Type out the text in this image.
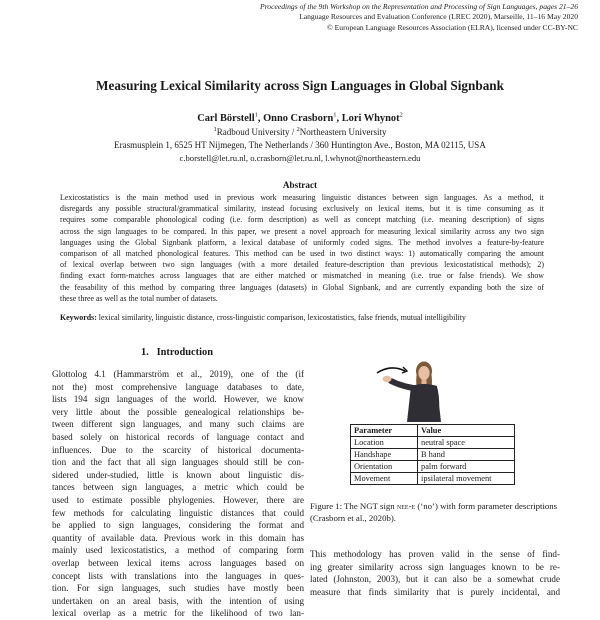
Proceedings of the 9th Workshop on the Representation and Processing of Sign Languages, pages 21–26
Language Resources and Evaluation Conference (LREC 2020), Marseille, 11–16 May 2020
© European Language Resources Association (ELRA), licensed under CC-BY-NC
Measuring Lexical Similarity across Sign Languages in Global Signbank
Carl Börstell$^1$, Onno Crasborn$^1$, Lori Whynot$^2$
$^1$Radboud University / $^2$Northeastern University
Erasmusplein 1, 6525 HT Nijmegen, The Netherlands / 360 Huntington Ave., Boston, MA 02115, USA
c.borstell@let.ru.nl, o.crasborn@let.ru.nl, l.whynot@northeastern.edu
Abstract
Lexicostatistics is the main method used in previous work measuring linguistic distances between sign languages. As a method, it
disregards any possible structural/grammatical similarity, instead focusing exclusively on lexical items, but it is time consuming as it
requires some comparable phonological coding (i.e. form description) as well as concept matching (i.e. meaning description) of signs
across the sign languages to be compared. In this paper, we present a novel approach for measuring lexical similarity across any two sign
languages using the Global Signbank platform, a lexical database of uniformly coded signs. The method involves a feature-by-feature
comparison of all matched phonological features. This method can be used in two distinct ways: 1) automatically comparing the amount
of lexical overlap between two sign languages (with a more detailed feature-description than previous lexicostatistical methods); 2)
finding exact form-matches across languages that are either matched or mismatched in meaning (i.e. true or false friends). We show
the feasability of this method by comparing three languages (datasets) in Global Signbank, and are currently expanding both the size of
these three as well as the total number of datasets.
Keywords: lexical similarity, linguistic distance, cross-linguistic comparison, lexicostatistics, false friends, mutual intelligibility
1. Introduction
Glottolog 4.1 (Hammarström et al., 2019), one of the (if
not the) most comprehensive language databases to date,
lists 194 sign languages of the world. However, we know
very little about the possible genealogical relationships be-
tween different sign languages, and many such claims are
based solely on historical records of language contact and
influences. Due to the scarcity of historical documenta-
tion and the fact that all sign languages should still be con-
sidered under-studied, little is known about linguistic dis-
tances between sign languages, a metric which could be
used to estimate possible phylogenies. However, there are
few methods for calculating linguistic distances that could
be applied to sign languages, considering the format and
quantity of available data. Previous work in this domain has
mainly used lexicostatistics, a method of comparing form
overlap between lexical items across languages based on
concept lists with translations into the languages in ques-
tion. For sign languages, such studies have mostly been
undertaken on an areal basis, with the intention of using
lexical overlap as a metric for the likelihood of two lan-
Parameter	Value
Location	neutral space
Handshape	B hand
Orientation	palm forward
Movement	ipsilateral movement
Figure 1: The NGT sign nee-e (‘no’) with form parameter descriptions (Crasborn et al., 2020b).
This methodology has proven valid in the sense of find-
ing greater similarity across sign languages known to be re-
lated (Johnston, 2003), but it can also be a somewhat crude
measure that finds similarity that is purely incidental, and
